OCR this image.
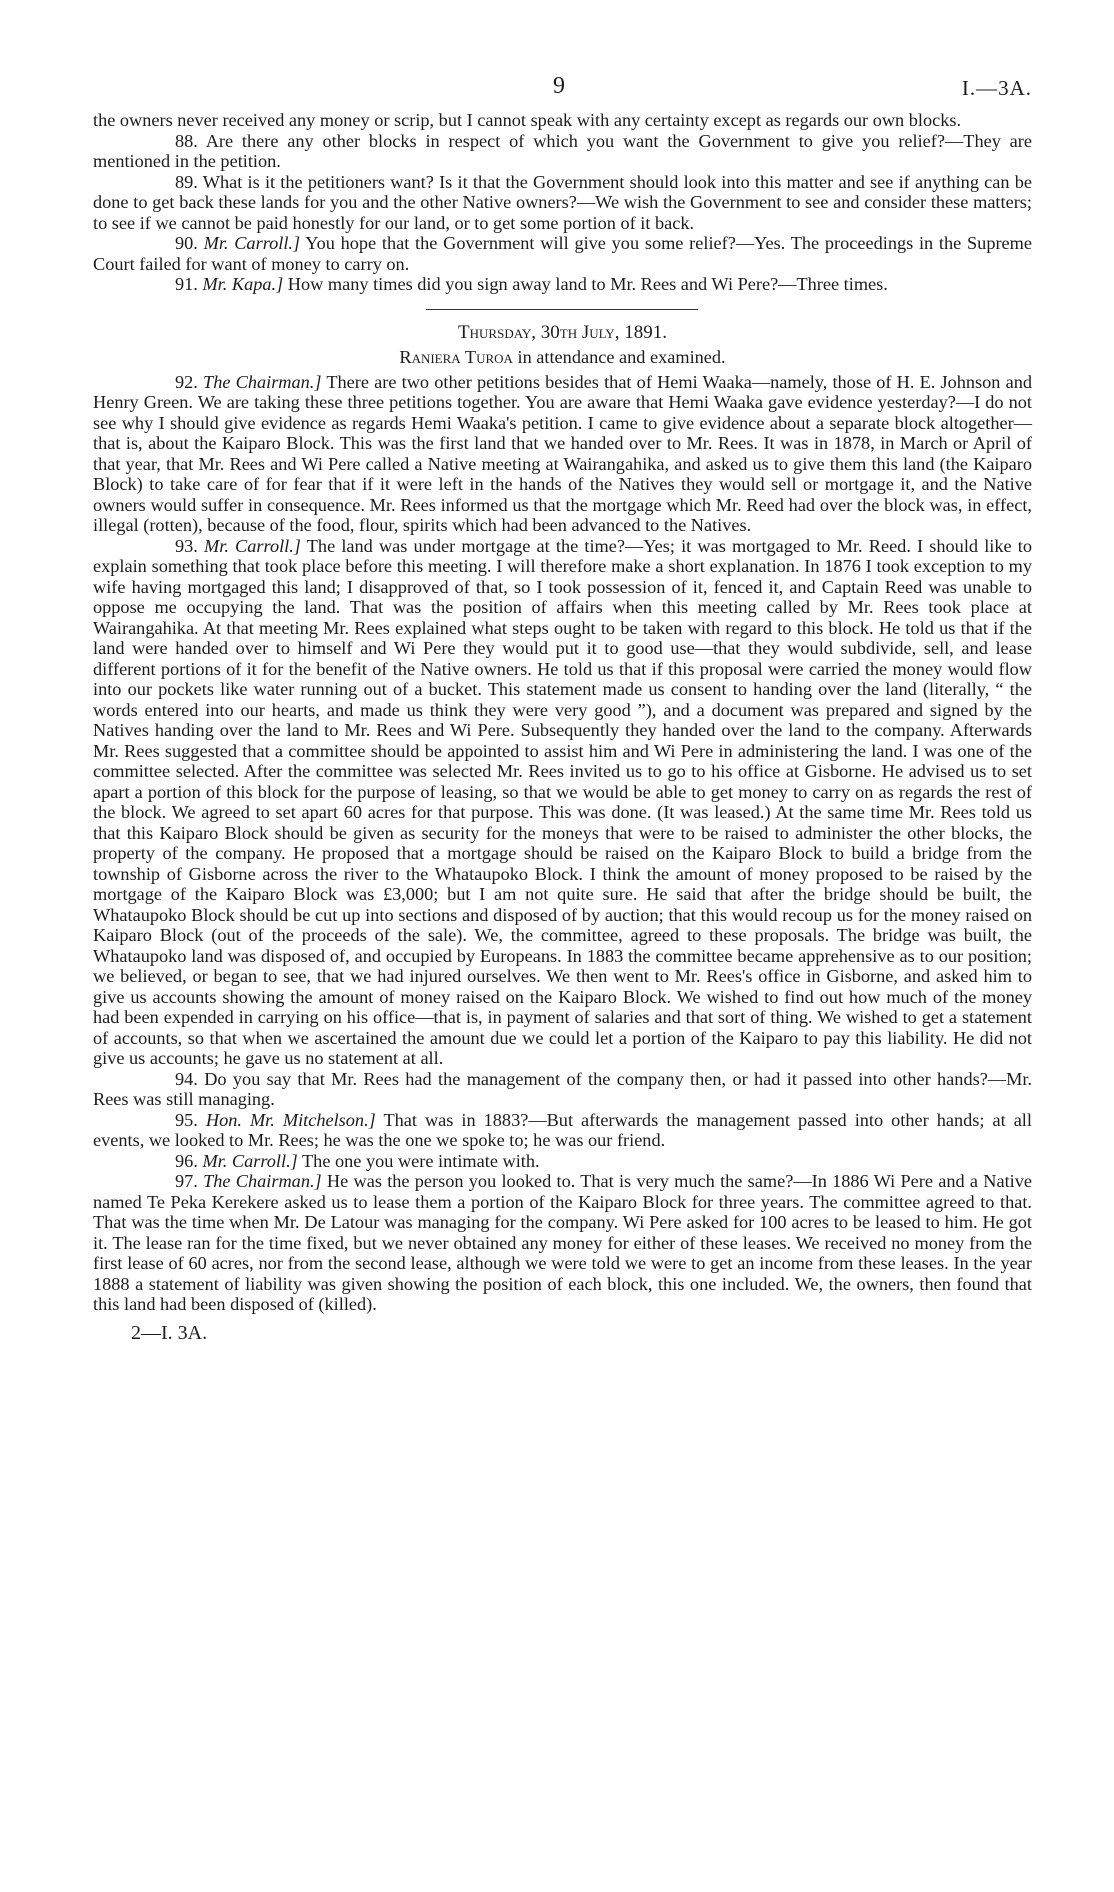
9	I.—3A.

the owners never received any money or scrip, but I cannot speak with any certainty except as regards our own blocks.

88. Are there any other blocks in respect of which you want the Government to give you relief?—They are mentioned in the petition.

89. What is it the petitioners want? Is it that the Government should look into this matter and see if anything can be done to get back these lands for you and the other Native owners?—We wish the Government to see and consider these matters; to see if we cannot be paid honestly for our land, or to get some portion of it back.

90. Mr. Carroll.] You hope that the Government will give you some relief?—Yes. The proceedings in the Supreme Court failed for want of money to carry on.

91. Mr. Kapa.] How many times did you sign away land to Mr. Rees and Wi Pere?—Three times.

Thursday, 30th July, 1891.

Raniera Turoa in attendance and examined.

92. The Chairman.] There are two other petitions besides that of Hemi Waaka—namely, those of H. E. Johnson and Henry Green. We are taking these three petitions together. You are aware that Hemi Waaka gave evidence yesterday?—I do not see why I should give evidence as regards Hemi Waaka's petition. I came to give evidence about a separate block altogether—that is, about the Kaiparo Block. This was the first land that we handed over to Mr. Rees. It was in 1878, in March or April of that year, that Mr. Rees and Wi Pere called a Native meeting at Wairangahika, and asked us to give them this land (the Kaiparo Block) to take care of for fear that if it were left in the hands of the Natives they would sell or mortgage it, and the Native owners would suffer in consequence. Mr. Rees informed us that the mortgage which Mr. Reed had over the block was, in effect, illegal (rotten), because of the food, flour, spirits which had been advanced to the Natives.

93. Mr. Carroll.] The land was under mortgage at the time?—Yes; it was mortgaged to Mr. Reed. I should like to explain something that took place before this meeting. I will therefore make a short explanation. In 1876 I took exception to my wife having mortgaged this land; I disapproved of that, so I took possession of it, fenced it, and Captain Reed was unable to oppose me occupying the land. That was the position of affairs when this meeting called by Mr. Rees took place at Wairangahika. At that meeting Mr. Rees explained what steps ought to be taken with regard to this block. He told us that if the land were handed over to himself and Wi Pere they would put it to good use—that they would subdivide, sell, and lease different portions of it for the benefit of the Native owners. He told us that if this proposal were carried the money would flow into our pockets like water running out of a bucket. This statement made us consent to handing over the land (literally, “ the words entered into our hearts, and made us think they were very good ”), and a document was prepared and signed by the Natives handing over the land to Mr. Rees and Wi Pere. Subsequently they handed over the land to the company. Afterwards Mr. Rees suggested that a committee should be appointed to assist him and Wi Pere in administering the land. I was one of the committee selected. After the committee was selected Mr. Rees invited us to go to his office at Gisborne. He advised us to set apart a portion of this block for the purpose of leasing, so that we would be able to get money to carry on as regards the rest of the block. We agreed to set apart 60 acres for that purpose. This was done. (It was leased.) At the same time Mr. Rees told us that this Kaiparo Block should be given as security for the moneys that were to be raised to administer the other blocks, the property of the company. He proposed that a mortgage should be raised on the Kaiparo Block to build a bridge from the township of Gisborne across the river to the Whataupoko Block. I think the amount of money proposed to be raised by the mortgage of the Kaiparo Block was £3,000; but I am not quite sure. He said that after the bridge should be built, the Whataupoko Block should be cut up into sections and disposed of by auction; that this would recoup us for the money raised on Kaiparo Block (out of the proceeds of the sale). We, the committee, agreed to these proposals. The bridge was built, the Whataupoko land was disposed of, and occupied by Europeans. In 1883 the committee became apprehensive as to our position; we believed, or began to see, that we had injured ourselves. We then went to Mr. Rees's office in Gisborne, and asked him to give us accounts showing the amount of money raised on the Kaiparo Block. We wished to find out how much of the money had been expended in carrying on his office—that is, in payment of salaries and that sort of thing. We wished to get a statement of accounts, so that when we ascertained the amount due we could let a portion of the Kaiparo to pay this liability. He did not give us accounts; he gave us no statement at all.

94. Do you say that Mr. Rees had the management of the company then, or had it passed into other hands?—Mr. Rees was still managing.

95. Hon. Mr. Mitchelson.] That was in 1883?—But afterwards the management passed into other hands; at all events, we looked to Mr. Rees; he was the one we spoke to; he was our friend.

96. Mr. Carroll.] The one you were intimate with.

97. The Chairman.] He was the person you looked to. That is very much the same?—In 1886 Wi Pere and a Native named Te Peka Kerekere asked us to lease them a portion of the Kaiparo Block for three years. The committee agreed to that. That was the time when Mr. De Latour was managing for the company. Wi Pere asked for 100 acres to be leased to him. He got it. The lease ran for the time fixed, but we never obtained any money for either of these leases. We received no money from the first lease of 60 acres, nor from the second lease, although we were told we were to get an income from these leases. In the year 1888 a statement of liability was given showing the position of each block, this one included. We, the owners, then found that this land had been disposed of (killed).

2—I. 3A.
